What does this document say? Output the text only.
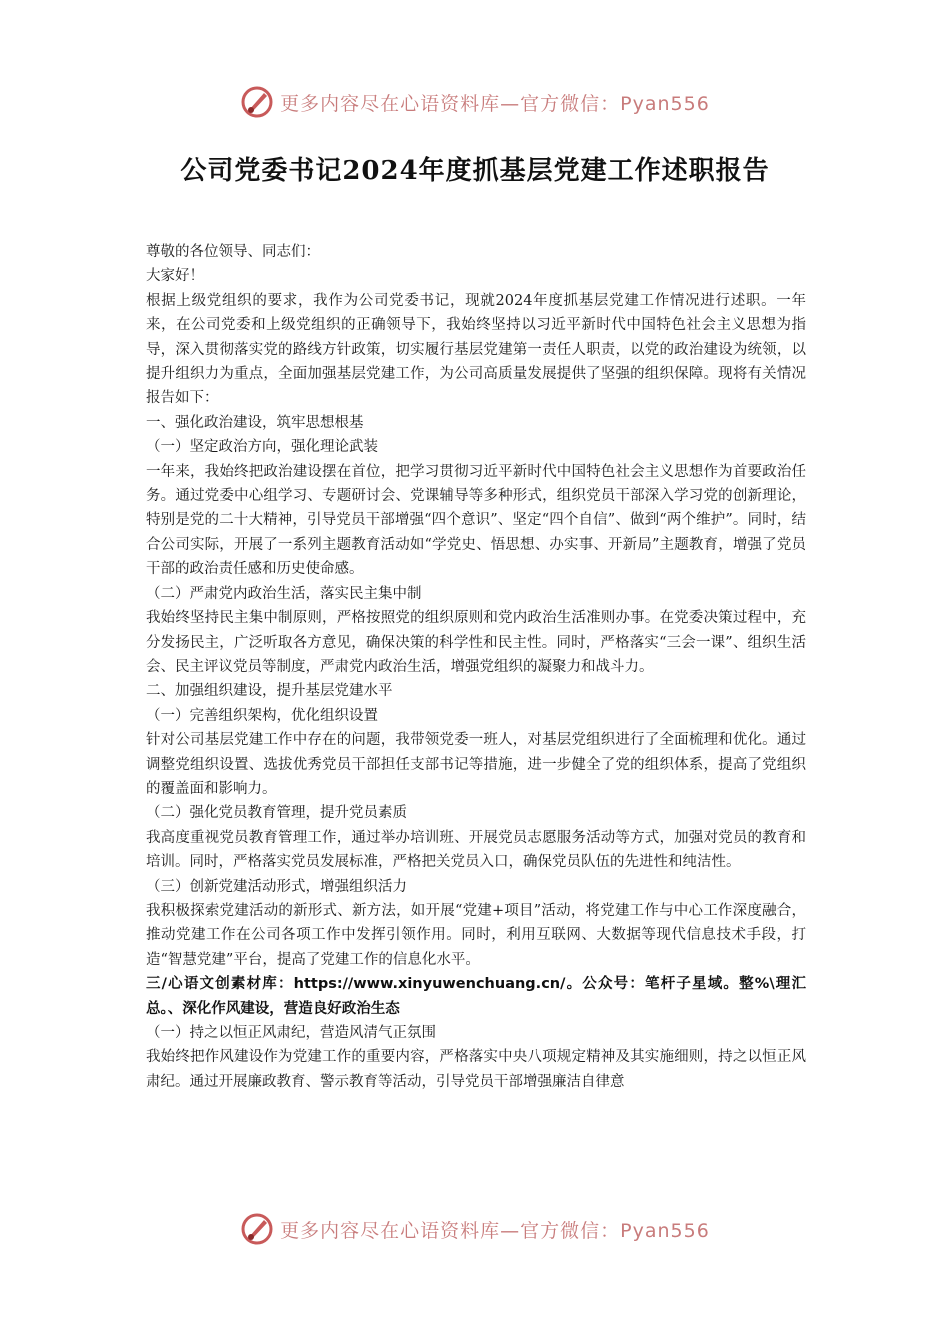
更多内容尽在心语资料库—官方微信：Pyan556
公司党委书记2024年度抓基层党建工作述职报告

尊敬的各位领导、同志们：

大家好！

根据上级党组织的要求，我作为公司党委书记，现就2024年度抓基层党建工作情况进行述职。一年来，在公司党委和上级党组织的正确领导下，我始终坚持以习近平新时代中国特色社会主义思想为指导，深入贯彻落实党的路线方针政策，切实履行基层党建第一责任人职责，以党的政治建设为统领，以提升组织力为重点，全面加强基层党建工作，为公司高质量发展提供了坚强的组织保障。现将有关情况报告如下：

一、强化政治建设，筑牢思想根基

（一）坚定政治方向，强化理论武装

一年来，我始终把政治建设摆在首位，把学习贯彻习近平新时代中国特色社会主义思想作为首要政治任务。通过党委中心组学习、专题研讨会、党课辅导等多种形式，组织党员干部深入学习党的创新理论，特别是党的二十大精神，引导党员干部增强“四个意识”、坚定“四个自信”、做到“两个维护”。同时，结合公司实际，开展了一系列主题教育活动如“学党史、悟思想、办实事、开新局”主题教育，增强了党员干部的政治责任感和历史使命感。

（二）严肃党内政治生活，落实民主集中制

我始终坚持民主集中制原则，严格按照党的组织原则和党内政治生活准则办事。在党委决策过程中，充分发扬民主，广泛听取各方意见，确保决策的科学性和民主性。同时，严格落实“三会一课”、组织生活会、民主评议党员等制度，严肃党内政治生活，增强党组织的凝聚力和战斗力。

二、加强组织建设，提升基层党建水平

（一）完善组织架构，优化组织设置

针对公司基层党建工作中存在的问题，我带领党委一班人，对基层党组织进行了全面梳理和优化。通过调整党组织设置、选拔优秀党员干部担任支部书记等措施，进一步健全了党的组织体系，提高了党组织的覆盖面和影响力。

（二）强化党员教育管理，提升党员素质

我高度重视党员教育管理工作，通过举办培训班、开展党员志愿服务活动等方式，加强对党员的教育和培训。同时，严格落实党员发展标准，严格把关党员入口，确保党员队伍的先进性和纯洁性。

（三）创新党建活动形式，增强组织活力

我积极探索党建活动的新形式、新方法，如开展“党建+项目”活动，将党建工作与中心工作深度融合，推动党建工作在公司各项工作中发挥引领作用。同时，利用互联网、大数据等现代信息技术手段，打造“智慧党建”平台，提高了党建工作的信息化水平。

三/心语文创素材库：https://www.xinyuwenchuang.cn/。公众号：笔杆子星域。整%\理汇总。、深化作风建设，营造良好政治生态

（一）持之以恒正风肃纪，营造风清气正氛围

我始终把作风建设作为党建工作的重要内容，严格落实中央八项规定精神及其实施细则，持之以恒正风肃纪。通过开展廉政教育、警示教育等活动，引导党员干部增强廉洁自律意

更多内容尽在心语资料库—官方微信：Pyan556
